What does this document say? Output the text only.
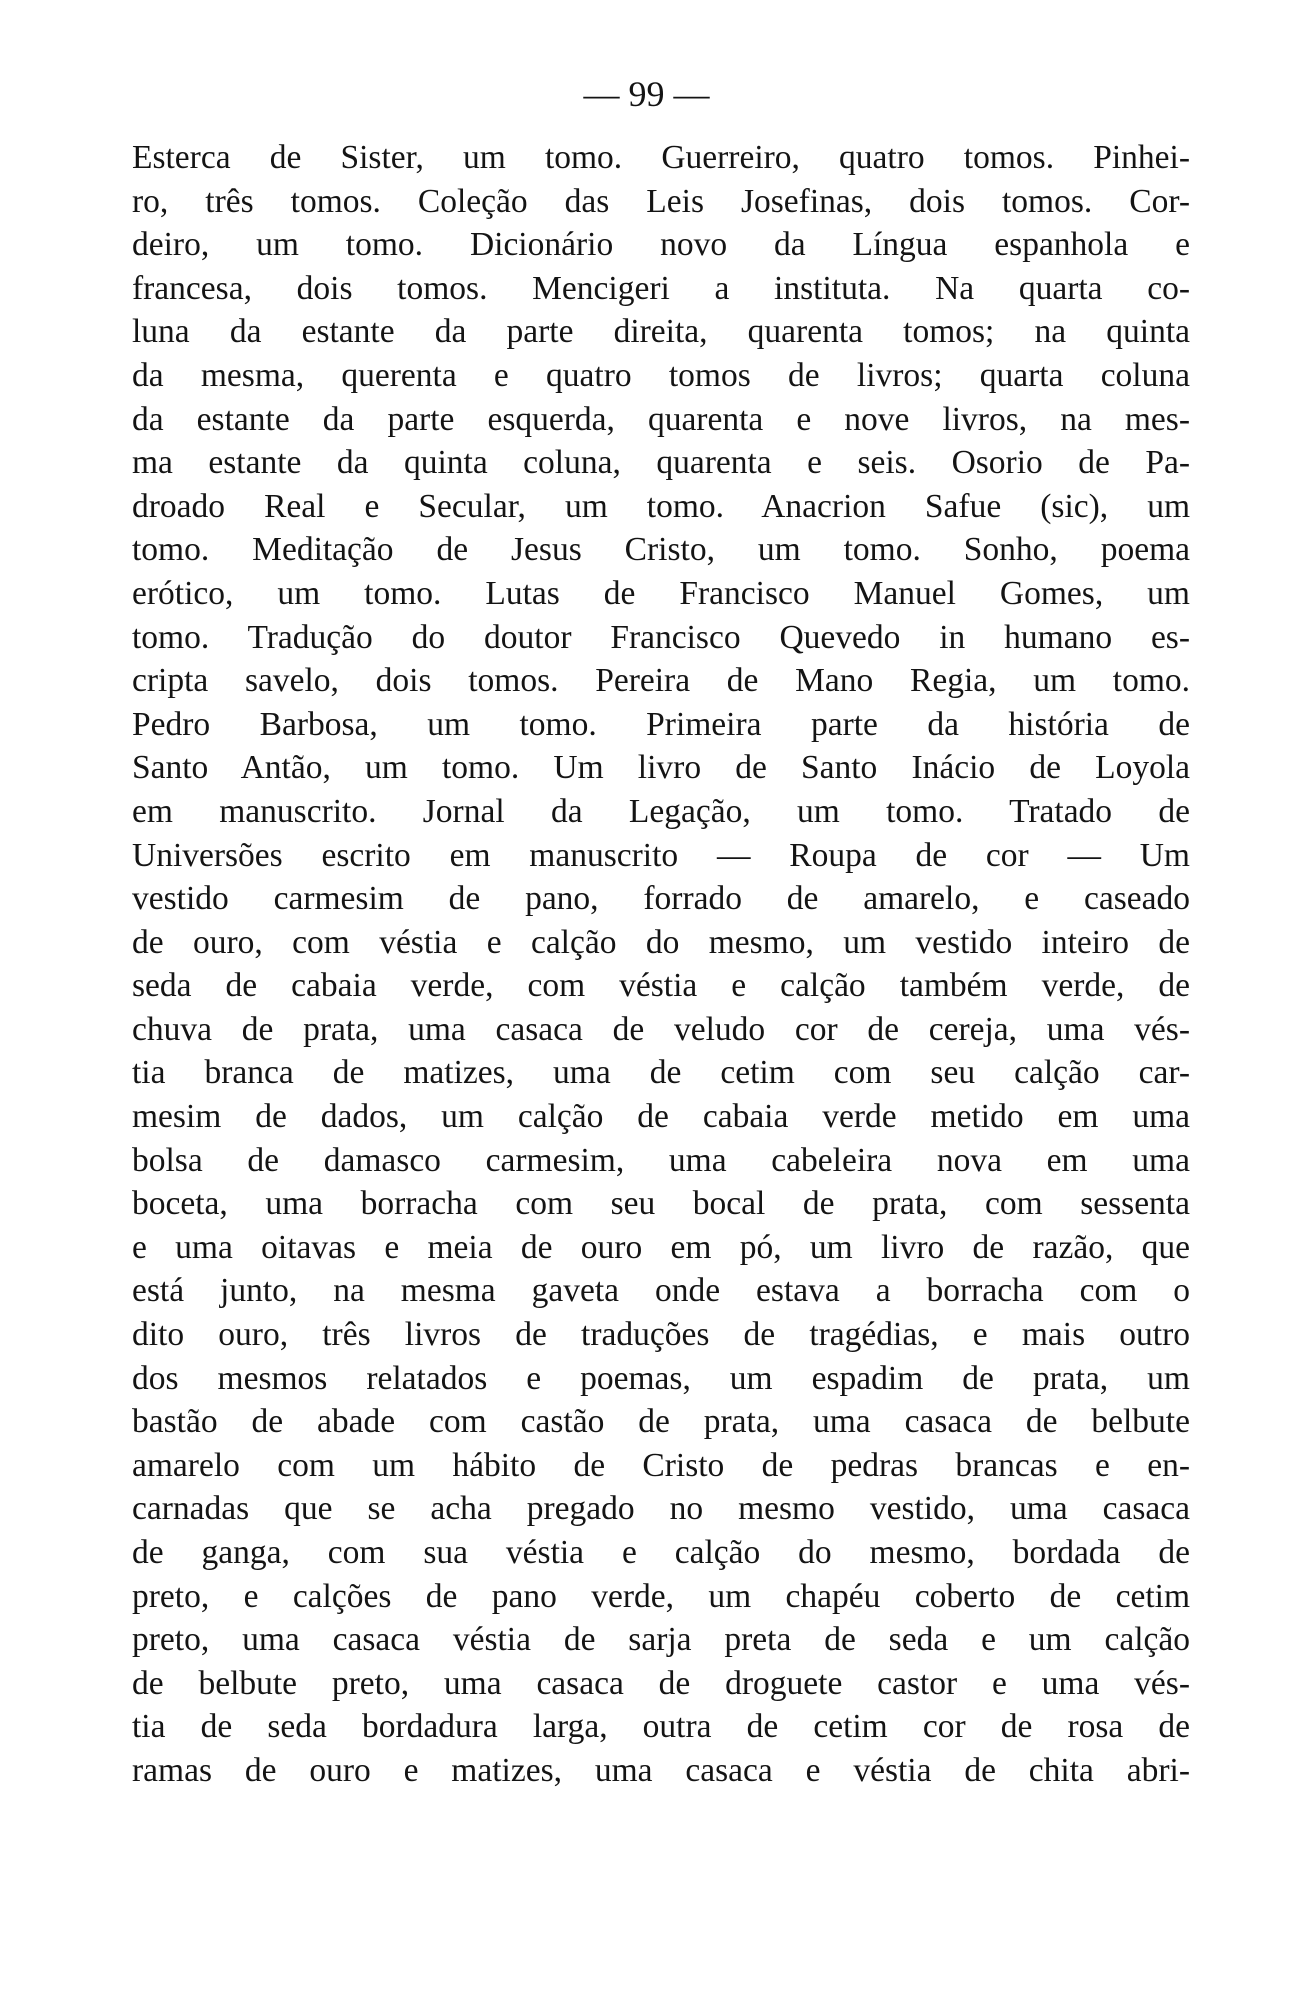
— 99 —
Esterca de Sister, um tomo. Guerreiro, quatro tomos. Pinhei-
ro, três tomos. Coleção das Leis Josefinas, dois tomos. Cor-
deiro, um tomo. Dicionário novo da Língua espanhola e
francesa, dois tomos. Mencigeri a instituta. Na quarta co-
luna da estante da parte direita, quarenta tomos; na quinta
da mesma, querenta e quatro tomos de livros; quarta coluna
da estante da parte esquerda, quarenta e nove livros, na mes-
ma estante da quinta coluna, quarenta e seis. Osorio de Pa-
droado Real e Secular, um tomo. Anacrion Safue (sic), um
tomo. Meditação de Jesus Cristo, um tomo. Sonho, poema
erótico, um tomo. Lutas de Francisco Manuel Gomes, um
tomo. Tradução do doutor Francisco Quevedo in humano es-
cripta savelo, dois tomos. Pereira de Mano Regia, um tomo.
Pedro Barbosa, um tomo. Primeira parte da história de
Santo Antão, um tomo. Um livro de Santo Inácio de Loyola
em manuscrito. Jornal da Legação, um tomo. Tratado de
Universões escrito em manuscrito — Roupa de cor — Um
vestido carmesim de pano, forrado de amarelo, e caseado
de ouro, com véstia e calção do mesmo, um vestido inteiro de
seda de cabaia verde, com véstia e calção também verde, de
chuva de prata, uma casaca de veludo cor de cereja, uma vés-
tia branca de matizes, uma de cetim com seu calção car-
mesim de dados, um calção de cabaia verde metido em uma
bolsa de damasco carmesim, uma cabeleira nova em uma
boceta, uma borracha com seu bocal de prata, com sessenta
e uma oitavas e meia de ouro em pó, um livro de razão, que
está junto, na mesma gaveta onde estava a borracha com o
dito ouro, três livros de traduções de tragédias, e mais outro
dos mesmos relatados e poemas, um espadim de prata, um
bastão de abade com castão de prata, uma casaca de belbute
amarelo com um hábito de Cristo de pedras brancas e en-
carnadas que se acha pregado no mesmo vestido, uma casaca
de ganga, com sua véstia e calção do mesmo, bordada de
preto, e calções de pano verde, um chapéu coberto de cetim
preto, uma casaca véstia de sarja preta de seda e um calção
de belbute preto, uma casaca de droguete castor e uma vés-
tia de seda bordadura larga, outra de cetim cor de rosa de
ramas de ouro e matizes, uma casaca e véstia de chita abri-
